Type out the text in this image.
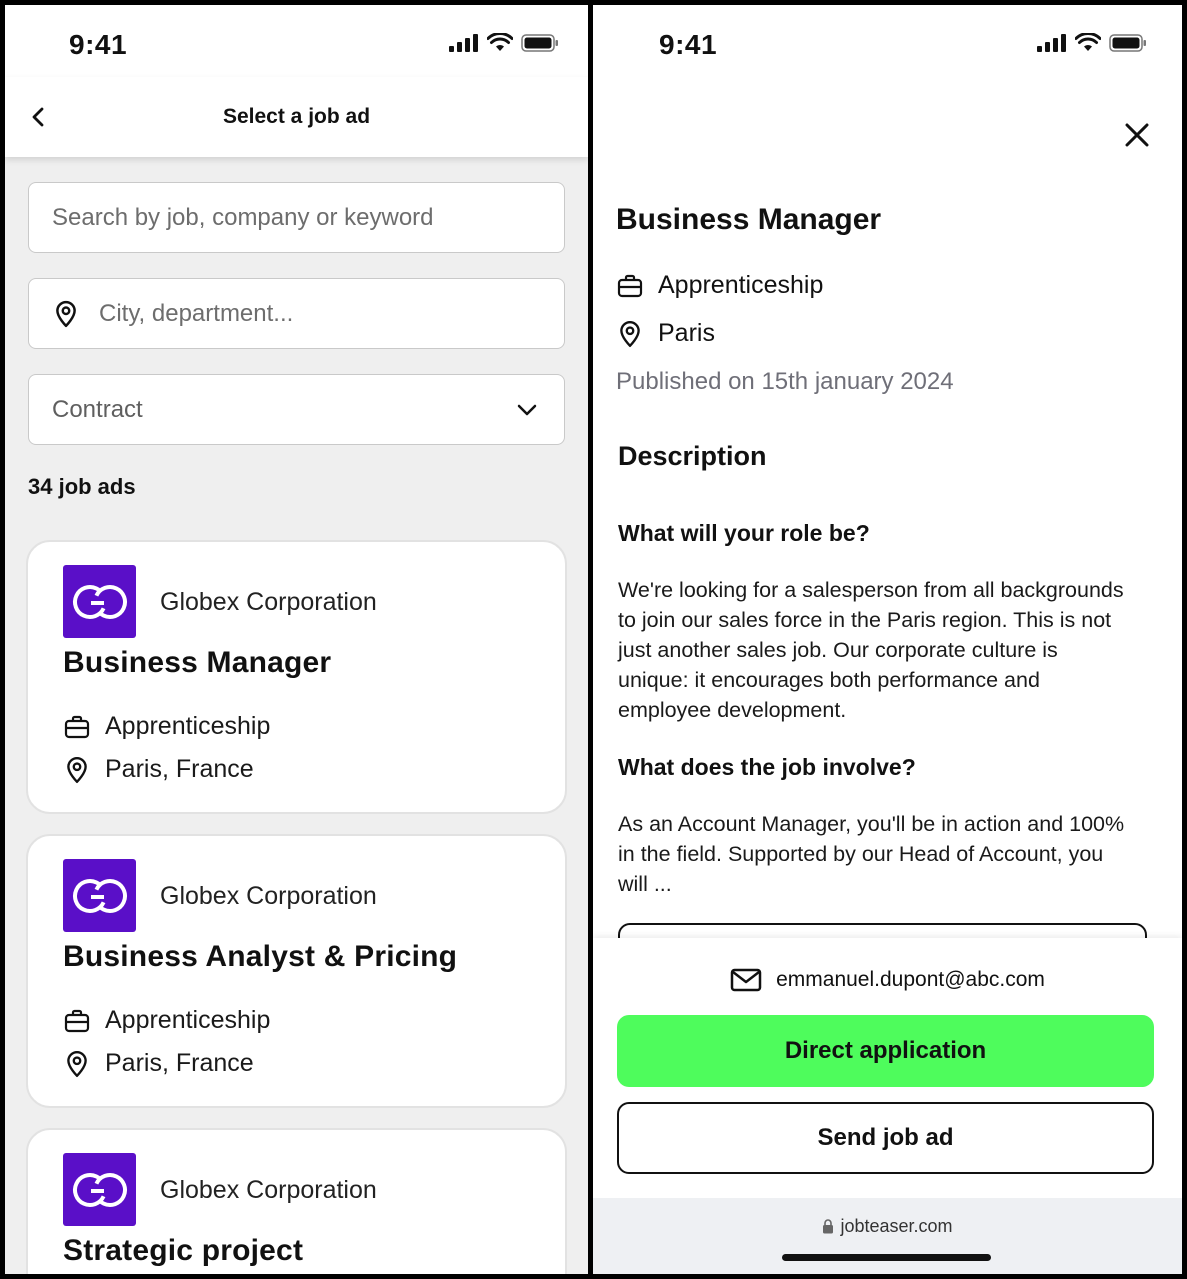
9:41
Select a job ad
Search by job, company or keyword
City, department...
Contract
34 job ads
Globex Corporation
Business Manager
Apprenticeship
Paris, France
Globex Corporation
Business Analyst & Pricing
Apprenticeship
Paris, France
Globex Corporation
Strategic project
9:41
Business Manager
Apprenticeship
Paris
Published on 15th january 2024
Description
What will your role be?
We're looking for a salesperson from all backgrounds to join our sales force in the Paris region. This is not just another sales job. Our corporate culture is unique: it encourages both performance and employee development.
What does the job involve?
As an Account Manager, you'll be in action and 100% in the field. Supported by our Head of Account, you will ...
emmanuel.dupont@abc.com
Direct application
Send job ad
jobteaser.com
